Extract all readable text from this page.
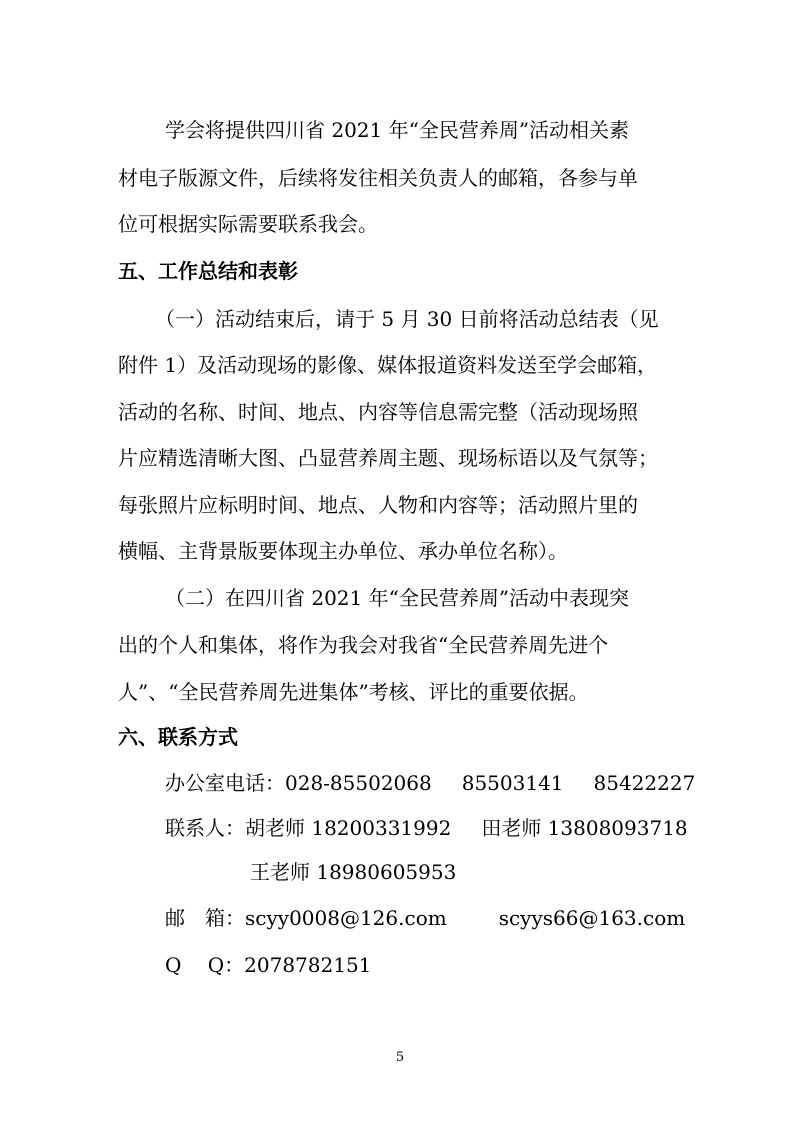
学会将提供四川省 2021 年“全民营养周”活动相关素
材电子版源文件，后续将发往相关负责人的邮箱，各参与单
位可根据实际需要联系我会。
五、工作总结和表彰
（一）活动结束后，请于 5 月 30 日前将活动总结表（见
附件 1）及活动现场的影像、媒体报道资料发送至学会邮箱，
活动的名称、时间、地点、内容等信息需完整（活动现场照
片应精选清晰大图、凸显营养周主题、现场标语以及气氛等；
每张照片应标明时间、地点、人物和内容等；活动照片里的
横幅、主背景版要体现主办单位、承办单位名称）。
（二）在四川省 2021 年“全民营养周”活动中表现突
出的个人和集体，将作为我会对我省“全民营养周先进个
人”、“全民营养周先进集体”考核、评比的重要依据。
六、联系方式
办公室电话：028-85502068 85503141 85422227
联系人：胡老师 18200331992 田老师 13808093718
王老师 18980605953
邮　箱：scyy0008@126.com	scyys66@163.com
Q　 Q：2078782151
5
